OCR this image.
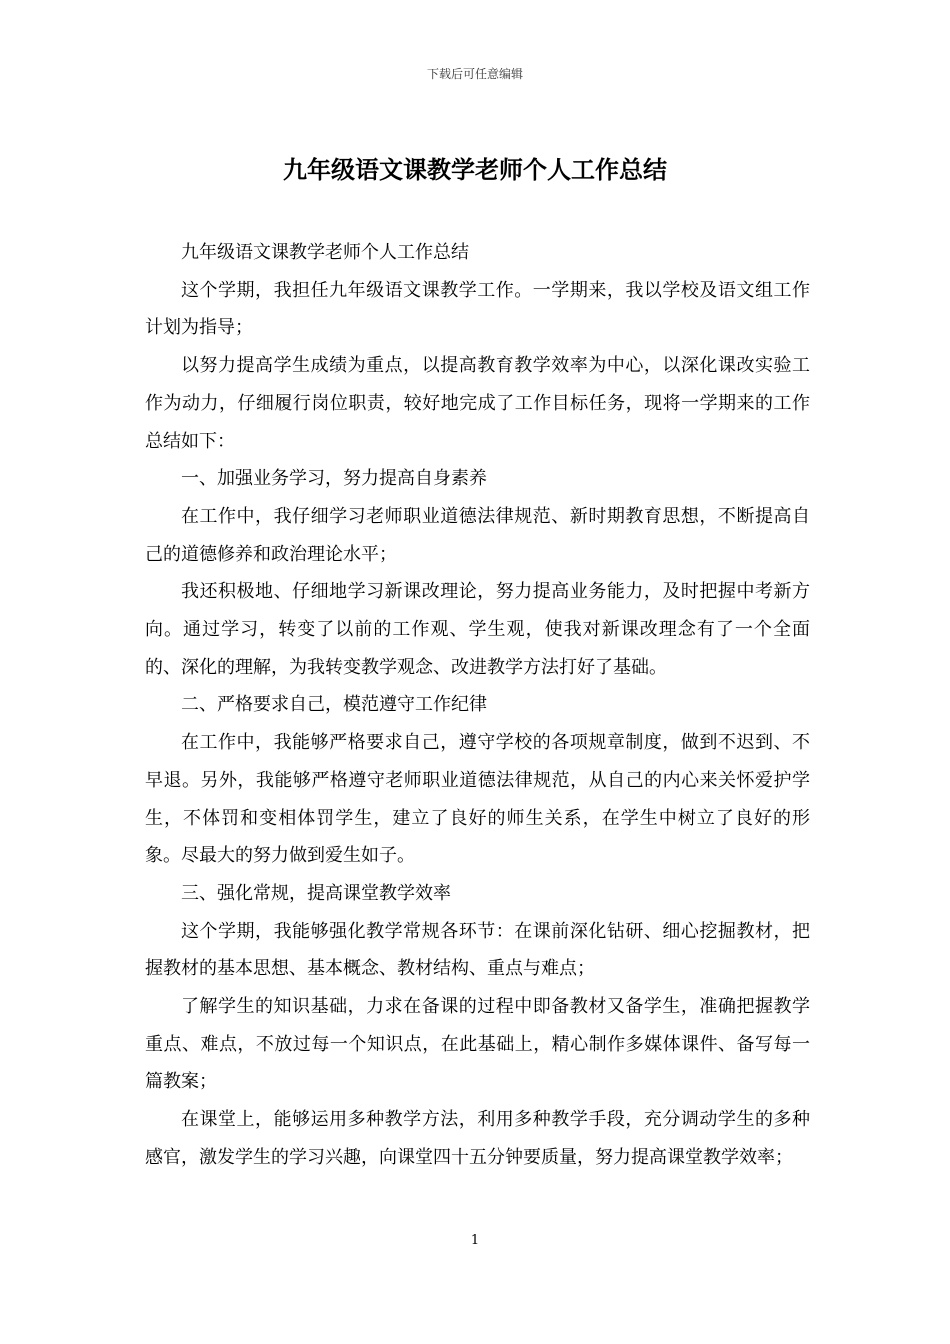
下载后可任意编辑
九年级语文课教学老师个人工作总结

九年级语文课教学老师个人工作总结

这个学期，我担任九年级语文课教学工作。一学期来，我以学校及语文组工作计划为指导；

以努力提高学生成绩为重点，以提高教育教学效率为中心，以深化课改实验工作为动力，仔细履行岗位职责，较好地完成了工作目标任务，现将一学期来的工作总结如下：

一、加强业务学习，努力提高自身素养

在工作中，我仔细学习老师职业道德法律规范、新时期教育思想，不断提高自己的道德修养和政治理论水平；

我还积极地、仔细地学习新课改理论，努力提高业务能力，及时把握中考新方向。通过学习，转变了以前的工作观、学生观，使我对新课改理念有了一个全面的、深化的理解，为我转变教学观念、改进教学方法打好了基础。

二、严格要求自己，模范遵守工作纪律

在工作中，我能够严格要求自己，遵守学校的各项规章制度，做到不迟到、不早退。另外，我能够严格遵守老师职业道德法律规范，从自己的内心来关怀爱护学生，不体罚和变相体罚学生，建立了良好的师生关系，在学生中树立了良好的形象。尽最大的努力做到爱生如子。

三、强化常规，提高课堂教学效率

这个学期，我能够强化教学常规各环节：在课前深化钻研、细心挖掘教材，把握教材的基本思想、基本概念、教材结构、重点与难点；

了解学生的知识基础，力求在备课的过程中即备教材又备学生，准确把握教学重点、难点，不放过每一个知识点，在此基础上，精心制作多媒体课件、备写每一篇教案；

在课堂上，能够运用多种教学方法，利用多种教学手段，充分调动学生的多种感官，激发学生的学习兴趣，向课堂四十五分钟要质量，努力提高课堂教学效率；

1
